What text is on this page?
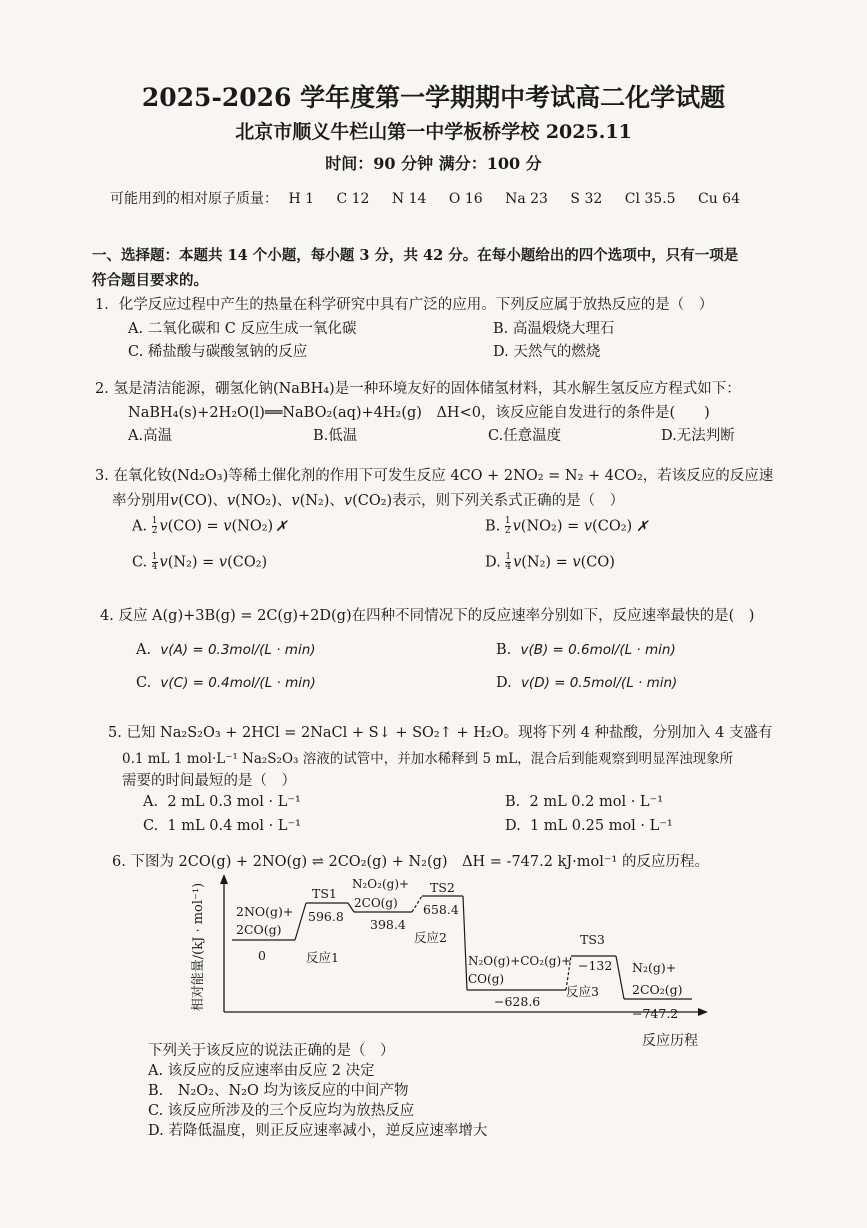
2025-2026 学年度第一学期期中考试高二化学试题
北京市顺义牛栏山第一中学板桥学校 2025.11
时间：90 分钟 满分：100 分
可能用到的相对原子质量： H 1 C 12 N 14 O 16 Na 23 S 32 Cl 35.5 Cu 64
一、选择题：本题共 14 个小题，每小题 3 分，共 42 分。在每小题给出的四个选项中，只有一项是
符合题目要求的。
1．化学反应过程中产生的热量在科学研究中具有广泛的应用。下列反应属于放热反应的是（　）
A. 二氧化碳和 C 反应生成一氧化碳	B. 高温煅烧大理石
C. 稀盐酸与碳酸氢钠的反应	D. 天然气的燃烧
2. 氢是清洁能源，硼氢化钠(NaBH₄)是一种环境友好的固体储氢材料，其水解生氢反应方程式如下：
NaBH₄(s)+2H₂O(l)══NaBO₂(aq)+4H₂(g)　ΔH<0，该反应能自发进行的条件是(　　)
A.高温	B.低温	C.任意温度	D.无法判断
3. 在氧化钕(Nd₂O₃)等稀土催化剂的作用下可发生反应 4CO + 2NO₂ = N₂ + 4CO₂，若该反应的反应速
率分别用𝑣(CO)、𝑣(NO₂)、𝑣(N₂)、𝑣(CO₂)表示，则下列关系式正确的是（　）
A. $\frac{1}{2}$ 𝑣(CO) = 𝑣(NO₂) ✗	B. $\frac{1}{2}$ 𝑣(NO₂) = 𝑣(CO₂) ✗
C. $\frac{1}{4}$ 𝑣(N₂) = 𝑣(CO₂)	D. $\frac{1}{4}$ 𝑣(N₂) = 𝑣(CO)
4. 反应 A(g)+3B(g) = 2C(g)+2D(g)在四种不同情况下的反应速率分别如下，反应速率最快的是(　)
A.  v(A) = 0.3mol/(L · min)	B.  v(B) = 0.6mol/(L · min)
C.  v(C) = 0.4mol/(L · min)	D.  v(D) = 0.5mol/(L · min)
5. 已知 Na₂S₂O₃ + 2HCl = 2NaCl + S↓ + SO₂↑ + H₂O。现将下列 4 种盐酸，分别加入 4 支盛有
0.1 mL 1 mol·L⁻¹ Na₂S₂O₃ 溶液的试管中，并加水稀释到 5 mL，混合后到能观察到明显浑浊现象所
需要的时间最短的是（　）
A.  2 mL 0.3 mol · L⁻¹	B.  2 mL 0.2 mol · L⁻¹
C.  1 mL 0.4 mol · L⁻¹	D.  1 mL 0.25 mol · L⁻¹
6. 下图为 2CO(g) + 2NO(g) ⇌ 2CO₂(g) + N₂(g)　ΔH = -747.2 kJ·mol⁻¹ 的反应历程。
相对能量/(kJ · mol⁻¹)
反应历程
2NO(g)+
2CO(g)
0
TS1
596.8
反应1
N₂O₂(g)+
2CO(g)
398.4
TS2
658.4
反应2
N₂O(g)+CO₂(g)+
CO(g)
−628.6
TS3
−132
反应3
N₂(g)+
2CO₂(g)
−747.2
下列关于该反应的说法正确的是（　）
A. 该反应的反应速率由反应 2 决定
B.　N₂O₂、N₂O 均为该反应的中间产物
C. 该反应所涉及的三个反应均为放热反应
D. 若降低温度，则正反应速率减小，逆反应速率增大
